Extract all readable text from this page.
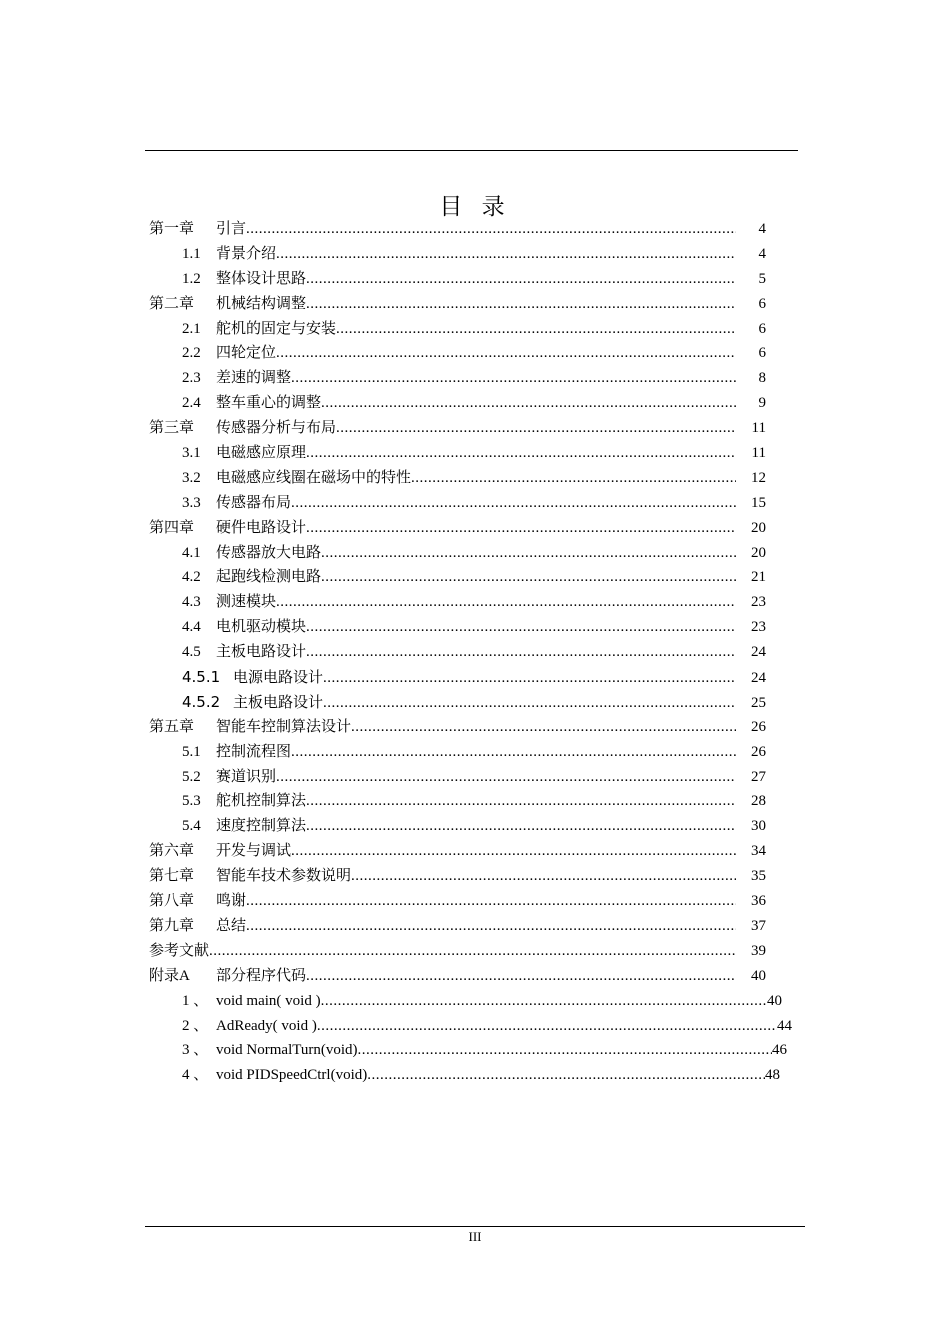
目 录
第一章	引言 .....	4
1.1	背景介绍 .....	4
1.2	整体设计思路 .....	5
第二章	机械结构调整 .....	6
2.1	舵机的固定与安装 .....	6
2.2	四轮定位 .....	6
2.3	差速的调整 .....	8
2.4	整车重心的调整 .....	9
第三章	传感器分析与布局 .....	11
3.1	电磁感应原理 .....	11
3.2	电磁感应线圈在磁场中的特性 .....	12
3.3	传感器布局 .....	15
第四章	硬件电路设计 .....	20
4.1	传感器放大电路 .....	20
4.2	起跑线检测电路 .....	21
4.3	测速模块 .....	23
4.4	电机驱动模块 .....	23
4.5	主板电路设计 .....	24
4.5.1 电源电路设计 .....	24
4.5.2 主板电路设计 .....	25
第五章	智能车控制算法设计 .....	26
5.1	控制流程图 .....	26
5.2	赛道识别 .....	27
5.3	舵机控制算法 .....	28
5.4	速度控制算法 .....	30
第六章	开发与调试 .....	34
第七章	智能车技术参数说明 .....	35
第八章	鸣谢 .....	36
第九章	总结 .....	37
参考文献 .....	39
附录A	部分程序代码 .....	40
1 、 void main( void ) .....	40
2 、 AdReady( void ) .....	44
3 、 void NormalTurn(void) .....	46
4 、 void PIDSpeedCtrl(void) .....	48
III
